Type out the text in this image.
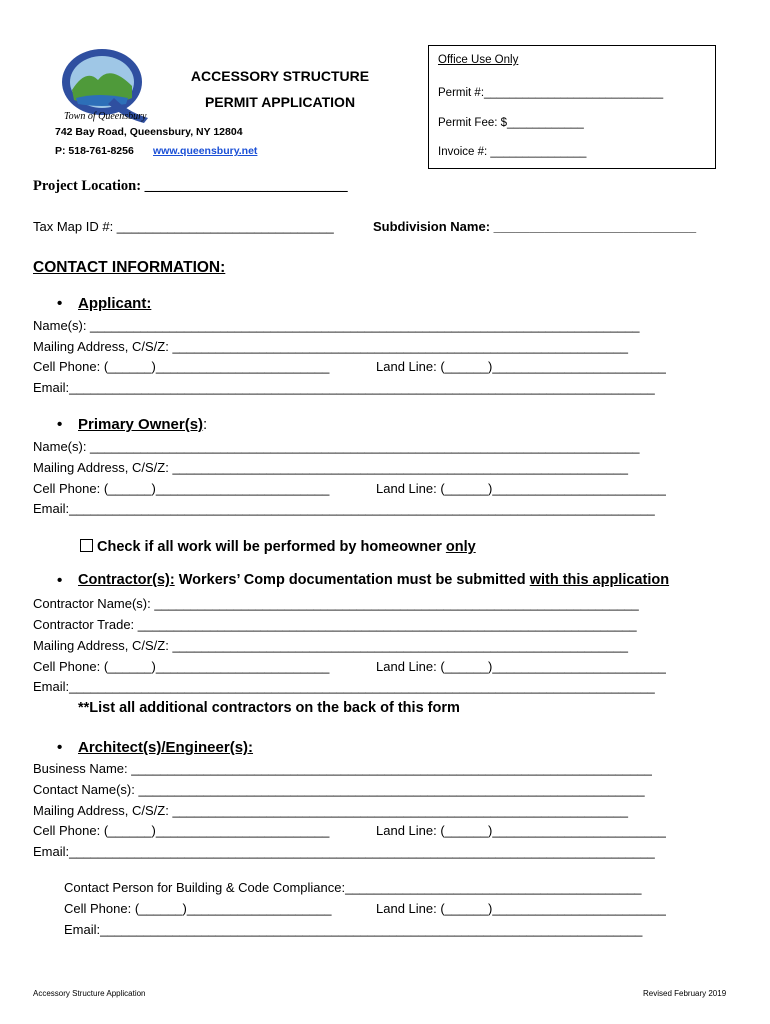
Town of Queensbury
ACCESSORY STRUCTURE
PERMIT APPLICATION
742 Bay Road, Queensbury, NY 12804
P: 518-761-8256 www.queensbury.net
Office Use Only
Permit #:____________________________
Permit Fee: $____________
Invoice #: _______________
Project Location: ____________________________
Tax Map ID #: ______________________________	Subdivision Name: ____________________________
CONTACT INFORMATION:
• Applicant:
Name(s): ____________________________________________________________________________
Mailing Address, C/S/Z: _______________________________________________________________
Cell Phone: (______)________________________	Land Line: (______)________________________
Email:_________________________________________________________________________________
• Primary Owner(s):
Name(s): ____________________________________________________________________________
Mailing Address, C/S/Z: _______________________________________________________________
Cell Phone: (______)________________________	Land Line: (______)________________________
Email:_________________________________________________________________________________
Check if all work will be performed by homeowner only
• Contractor(s): Workers’ Comp documentation must be submitted with this application
Contractor Name(s): ___________________________________________________________________
Contractor Trade: _____________________________________________________________________
Mailing Address, C/S/Z: _______________________________________________________________
Cell Phone: (______)________________________	Land Line: (______)________________________
Email:_________________________________________________________________________________
**List all additional contractors on the back of this form
• Architect(s)/Engineer(s):
Business Name: ________________________________________________________________________
Contact Name(s): ______________________________________________________________________
Mailing Address, C/S/Z: _______________________________________________________________
Cell Phone: (______)________________________	Land Line: (______)________________________
Email:_________________________________________________________________________________
Contact Person for Building & Code Compliance:_________________________________________
Cell Phone: (______)____________________	Land Line: (______)________________________
Email:___________________________________________________________________________
Accessory Structure Application	Revised February 2019
